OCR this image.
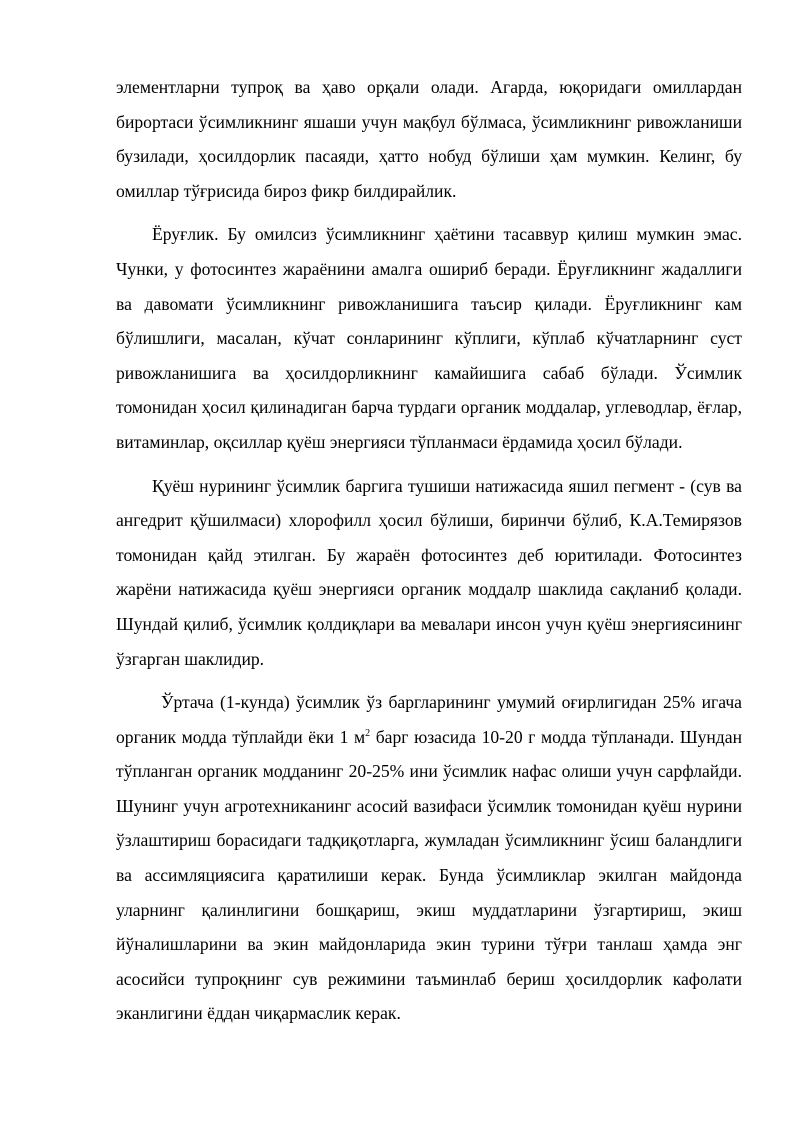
элементларни тупроқ ва ҳаво орқали олади. Агарда, юқоридаги омиллардан бирортаси ўсимликнинг яшаши учун мақбул бўлмаса, ўсимликнинг ривожланиши бузилади, ҳосилдорлик пасаяди, ҳатто нобуд бўлиши ҳам мумкин. Келинг, бу омиллар тўғрисида бироз фикр билдирайлик.

Ёруғлик. Бу омилсиз ўсимликнинг ҳаётини тасаввур қилиш мумкин эмас. Чунки, у фотосинтез жараёнини амалга ошириб беради. Ёруғликнинг жадаллиги ва давомати ўсимликнинг ривожланишига таъсир қилади. Ёруғликнинг кам бўлишлиги, масалан, кўчат сонларининг кўплиги, кўплаб кўчатларнинг суст ривожланишига ва ҳосилдорликнинг камайишига сабаб бўлади. Ўсимлик томонидан ҳосил қилинадиган барча турдаги органик моддалар, углеводлар, ёғлар, витаминлар, оқсиллар қуёш энергияси тўпланмаси ёрдамида ҳосил бўлади.

Қуёш нурининг ўсимлик баргига тушиши натижасида яшил пегмент - (сув ва ангедрит қўшилмаси) хлорофилл ҳосил бўлиши, биринчи бўлиб, К.А.Темирязов томонидан қайд этилган. Бу жараён фотосинтез деб юритилади. Фотосинтез жарёни натижасида қуёш энергияси органик моддалр шаклида сақланиб қолади. Шундай қилиб, ўсимлик қолдиқлари ва мевалари инсон учун қуёш энергиясининг ўзгарган шаклидир.

Ўртача (1-кунда) ўсимлик ўз баргларининг умумий оғирлигидан 25% игача органик модда тўплайди ёки 1 $м^2$ барг юзасида 10-20 г модда тўпланади. Шундан тўпланган органик модданинг 20-25% ини ўсимлик нафас олиши учун сарфлайди. Шунинг учун агротехниканинг асосий вазифаси ўсимлик томонидан қуёш нурини ўзлаштириш борасидаги тадқиқотларга, жумладан ўсимликнинг ўсиш баландлиги ва ассимляциясига қаратилиши керак. Бунда ўсимликлар экилган майдонда уларнинг қалинлигини бошқариш, экиш муддатларини ўзгартириш, экиш йўналишларини ва экин майдонларида экин турини тўғри танлаш ҳамда энг асосийси тупроқнинг сув режимини таъминлаб бериш ҳосилдорлик кафолати эканлигини ёддан чиқармаслик керак.
